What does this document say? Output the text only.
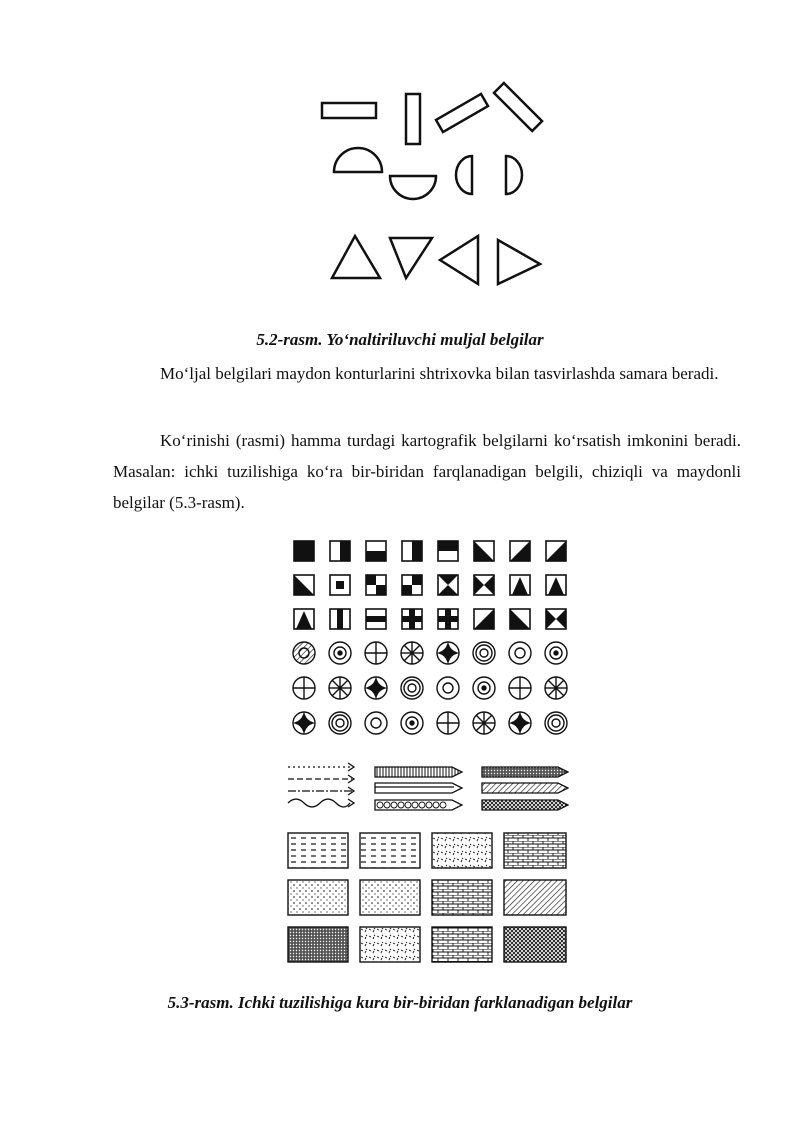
5.2-rasm. Yo‘naltiriluvchi muljal belgilar
Mo‘ljal belgilari maydon konturlarini shtrixovka bilan tasvirlashda samara beradi.
Ko‘rinishi (rasmi) hamma turdagi kartografik belgilarni ko‘rsatish imkonini beradi. Masalan: ichki tuzilishiga ko‘ra bir-biridan farqlanadigan belgili, chiziqli va maydonli belgilar (5.3-rasm).
5.3-rasm. Ichki tuzilishiga kura bir-biridan farklanadigan belgilar
